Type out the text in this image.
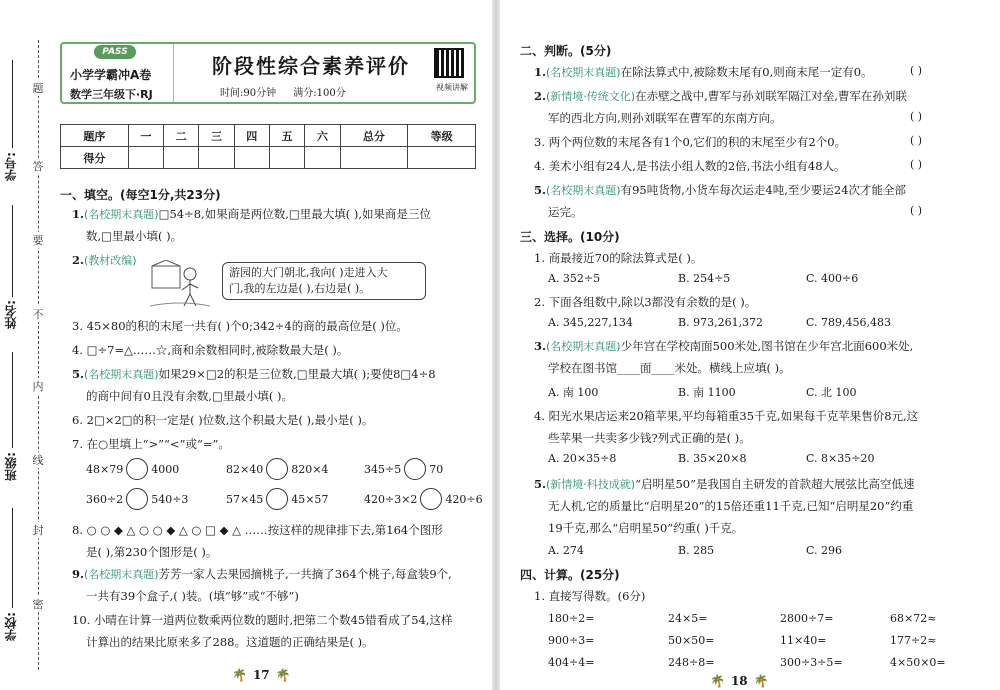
题
答
要
不
内
线
封
密
学号:
姓名:
班级:
学校:
PASS
小学学霸冲A卷
数学三年级下·RJ
阶段性综合素养评价
时间:90分钟 满分:100分
视频讲解
题序	一	二	三	四	五	六	总分	等级
得分								
一、填空。(每空1分,共23分)
1.(名校期末真题)□54÷8,如果商是两位数,□里最大填( ),如果商是三位
数,□里最小填( )。
2.(教材改编)
游园的大门朝北,我向( )走进入大
门,我的左边是( ),右边是( )。
3. 45×80的积的末尾一共有( )个0;342÷4的商的最高位是( )位。
4. □÷7=△……☆,商和余数相同时,被除数最大是( )。
5.(名校期末真题)如果29×□2的积是三位数,□里最大填( );要使8□4÷8
的商中间有0且没有余数,□里最小填( )。
6. 2□×2□的积一定是( )位数,这个积最大是( ),最小是( )。
7. 在○里填上“>”“<”或“=”。
48×79	4000	82×40	820×4	345÷5	70
360÷2	540÷3	57×45	45×57	420÷3×2	420÷6
8. ○ ○ ◆ △ ○ ○ ◆ △ ○ □ ◆ △ ……按这样的规律排下去,第164个图形
是( ),第230个图形是( )。
9.(名校期末真题)芳芳一家人去果园摘桃子,一共摘了364个桃子,每盒装9个,
一共有39个盒子,( )装。(填“够”或“不够”)
10. 小晴在计算一道两位数乘两位数的题时,把第二个数45错看成了54,这样
计算出的结果比原来多了288。这道题的正确结果是( )。
🌴 17 🌴
二、判断。(5分)
1.(名校期末真题)在除法算式中,被除数末尾有0,则商末尾一定有0。	( )
2.(新情境·传统文化)在赤壁之战中,曹军与孙刘联军隔江对垒,曹军在孙刘联
军的西北方向,则孙刘联军在曹军的东南方向。	( )
3. 两个两位数的末尾各有1个0,它们的积的末尾至少有2个0。	( )
4. 美术小组有24人,是书法小组人数的2倍,书法小组有48人。	( )
5.(名校期末真题)有95吨货物,小货车每次运走4吨,至少要运24次才能全部
运完。	( )
三、选择。(10分)
1. 商最接近70的除法算式是( )。
A. 352÷5	B. 254÷5	C. 400÷6
2. 下面各组数中,除以3都没有余数的是( )。
A. 345,227,134	B. 973,261,372	C. 789,456,483
3.(名校期末真题)少年宫在学校南面500米处,图书馆在少年宫北面600米处,
学校在图书馆____面____米处。横线上应填( )。
A. 南 100	B. 南 1100	C. 北 100
4. 阳光水果店运来20箱苹果,平均每箱重35千克,如果每千克苹果售价8元,这
些苹果一共卖多少钱?列式正确的是( )。
A. 20×35÷8	B. 35×20×8	C. 8×35÷20
5.(新情境·科技成就)“启明星50”是我国自主研发的首款超大展弦比高空低速
无人机,它的质量比“启明星20”的15倍还重11千克,已知“启明星20”约重
19千克,那么“启明星50”约重( )千克。
A. 274	B. 285	C. 296
四、计算。(25分)
1. 直接写得数。(6分)
180÷2=	24×5=	2800÷7=	68×72≈
900÷3=	50×50=	11×40=	177÷2≈
404÷4=	248÷8=	300÷3÷5=	4×50×0=
🌴 18 🌴
